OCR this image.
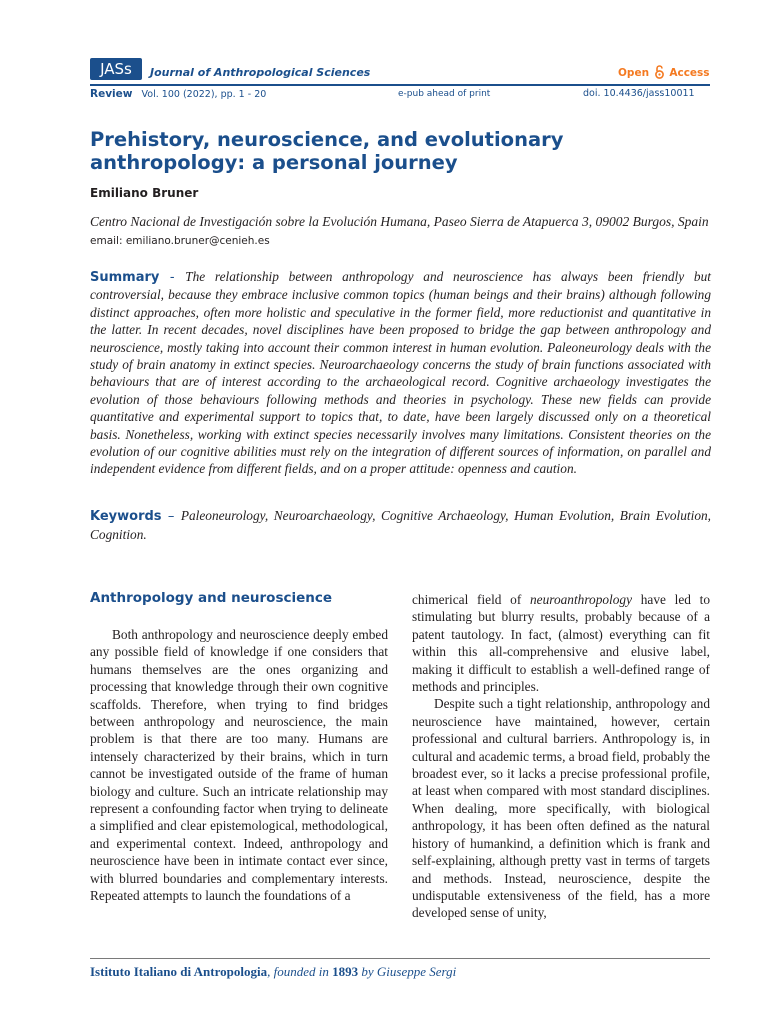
JASs	Journal of Anthropological Sciences	Open Access
Review Vol. 100 (2022), pp. 1 - 20	e-pub ahead of print	doi. 10.4436/jass10011
Prehistory, neuroscience, and evolutionary
anthropology: a personal journey
Emiliano Bruner
Centro Nacional de Investigación sobre la Evolución Humana, Paseo Sierra de Atapuerca 3, 09002 Burgos, Spain
email: emiliano.bruner@cenieh.es
Summary - The relationship between anthropology and neuroscience has always been friendly but controversial, because they embrace inclusive common topics (human beings and their brains) although following distinct approaches, often more holistic and speculative in the former field, more reductionist and quantitative in the latter. In recent decades, novel disciplines have been proposed to bridge the gap between anthropology and neuroscience, mostly taking into account their common interest in human evolution. Paleoneurology deals with the study of brain anatomy in extinct species. Neuroarchaeology concerns the study of brain functions associated with behaviours that are of interest according to the archaeological record. Cognitive archaeology investigates the evolution of those behaviours following methods and theories in psychology. These new fields can provide quantitative and experimental support to topics that, to date, have been largely discussed only on a theoretical basis. Nonetheless, working with extinct species necessarily involves many limitations. Consistent theories on the evolution of our cognitive abilities must rely on the integration of different sources of information, on parallel and independent evidence from different fields, and on a proper attitude: openness and caution.
Keywords – Paleoneurology, Neuroarchaeology, Cognitive Archaeology, Human Evolution, Brain Evolution, Cognition.
Anthropology and neuroscience

Both anthropology and neuroscience deeply embed any possible field of knowledge if one considers that humans themselves are the ones organizing and processing that knowledge through their own cognitive scaffolds. Therefore, when trying to find bridges between anthropology and neuroscience, the main problem is that there are too many. Humans are intensely characterized by their brains, which in turn cannot be investigated outside of the frame of human biology and culture. Such an intricate relationship may represent a confounding factor when trying to delineate a simplified and clear epistemological, methodological, and experimental context. Indeed, anthropology and neuroscience have been in intimate contact ever since, with blurred boundaries and complementary interests. Repeated attempts to launch the foundations of a

chimerical field of neuroanthropology have led to stimulating but blurry results, probably because of a patent tautology. In fact, (almost) everything can fit within this all-comprehensive and elusive label, making it difficult to establish a well-defined range of methods and principles.

Despite such a tight relationship, anthropology and neuroscience have maintained, however, certain professional and cultural barriers. Anthropology is, in cultural and academic terms, a broad field, probably the broadest ever, so it lacks a precise professional profile, at least when compared with most standard disciplines. When dealing, more specifically, with biological anthropology, it has been often defined as the natural history of humankind, a definition which is frank and self-explaining, although pretty vast in terms of targets and methods. Instead, neuroscience, despite the undisputable extensiveness of the field, has a more developed sense of unity,

Istituto Italiano di Antropologia, founded in 1893 by Giuseppe Sergi
